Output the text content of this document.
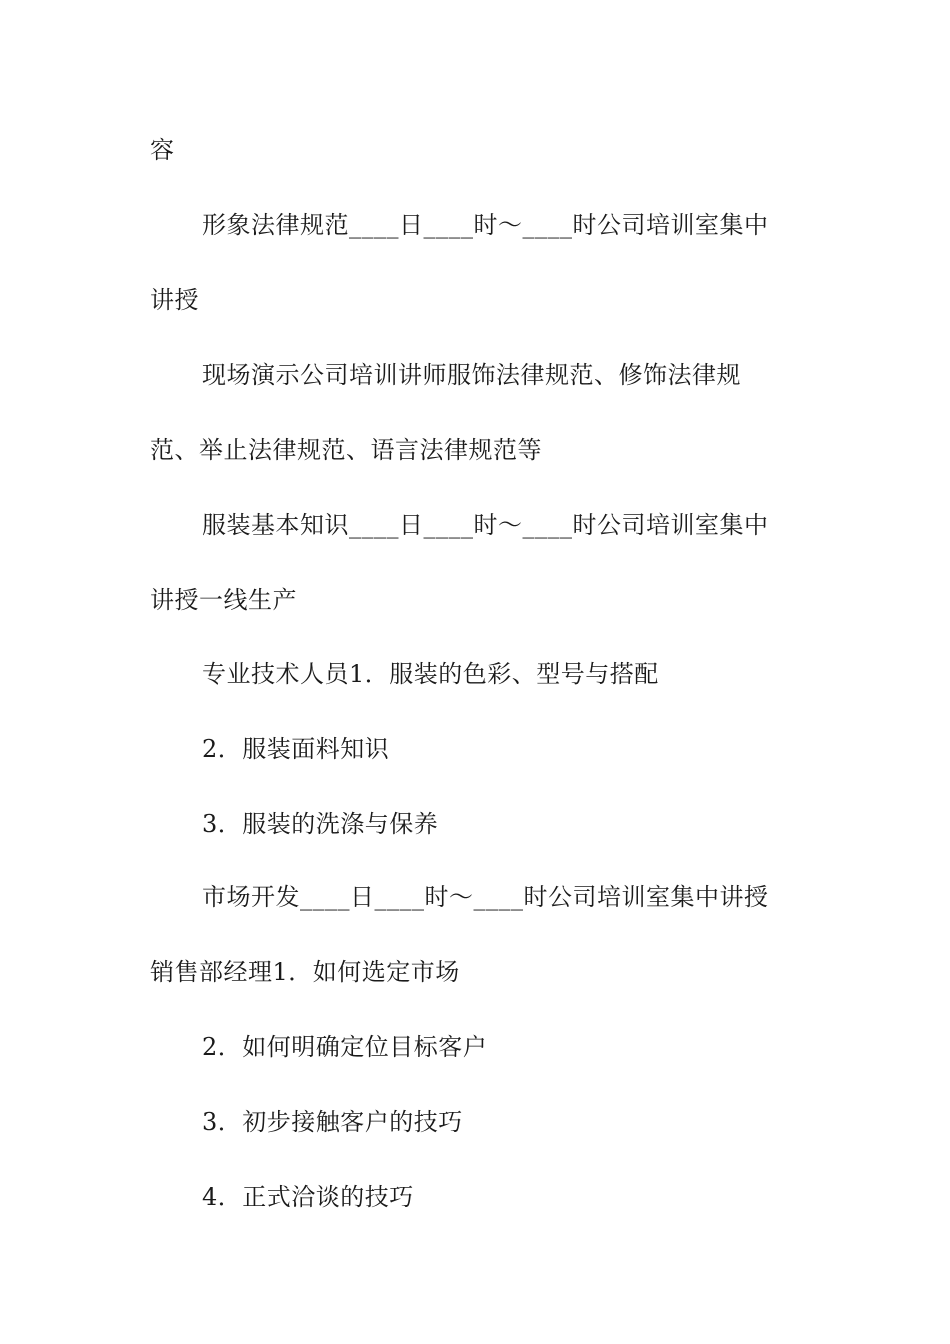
容
形象法律规范____日____时～____时公司培训室集中
讲授
现场演示公司培训讲师服饰法律规范、修饰法律规
范、举止法律规范、语言法律规范等
服装基本知识____日____时～____时公司培训室集中
讲授一线生产
专业技术人员1．服装的色彩、型号与搭配
2．服装面料知识
3．服装的洗涤与保养
市场开发____日____时～____时公司培训室集中讲授
销售部经理1．如何选定市场
2．如何明确定位目标客户
3．初步接触客户的技巧
4．正式洽谈的技巧
